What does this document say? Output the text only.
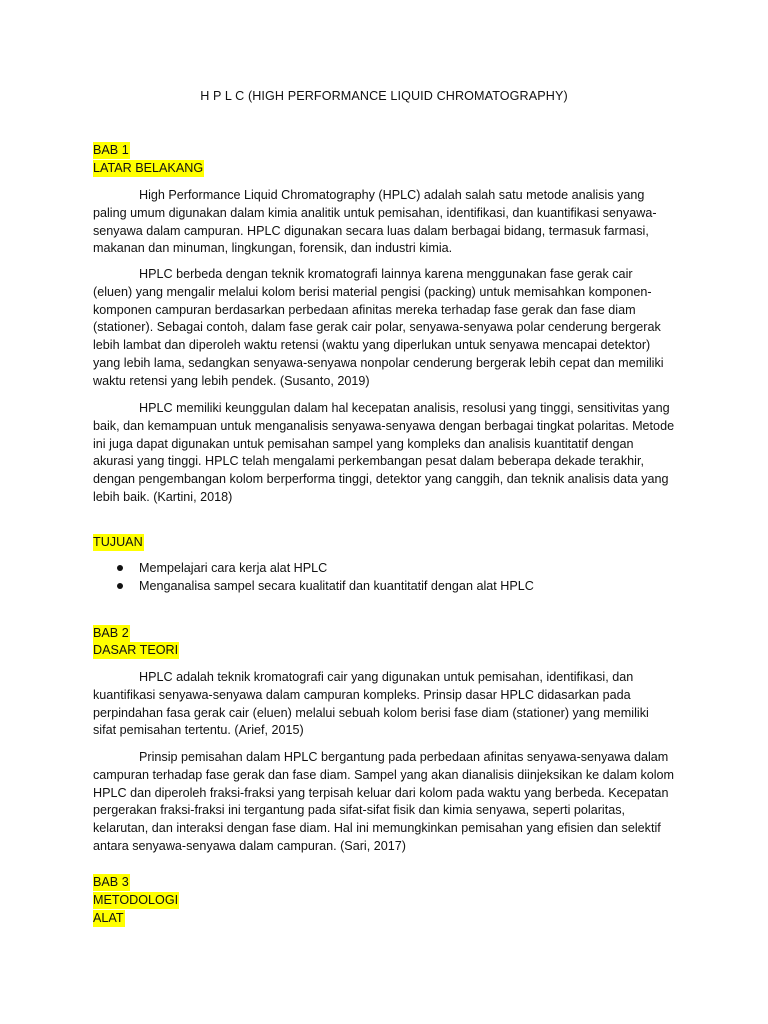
H P L C (HIGH PERFORMANCE LIQUID CHROMATOGRAPHY)
BAB 1
LATAR BELAKANG

High Performance Liquid Chromatography (HPLC) adalah salah satu metode analisis yang paling umum digunakan dalam kimia analitik untuk pemisahan, identifikasi, dan kuantifikasi senyawa-senyawa dalam campuran. HPLC digunakan secara luas dalam berbagai bidang, termasuk farmasi, makanan dan minuman, lingkungan, forensik, dan industri kimia.

HPLC berbeda dengan teknik kromatografi lainnya karena menggunakan fase gerak cair (eluen) yang mengalir melalui kolom berisi material pengisi (packing) untuk memisahkan komponen-komponen campuran berdasarkan perbedaan afinitas mereka terhadap fase gerak dan fase diam (stationer). Sebagai contoh, dalam fase gerak cair polar, senyawa-senyawa polar cenderung bergerak lebih lambat dan diperoleh waktu retensi (waktu yang diperlukan untuk senyawa mencapai detektor) yang lebih lama, sedangkan senyawa-senyawa nonpolar cenderung bergerak lebih cepat dan memiliki waktu retensi yang lebih pendek. (Susanto, 2019)

HPLC memiliki keunggulan dalam hal kecepatan analisis, resolusi yang tinggi, sensitivitas yang baik, dan kemampuan untuk menganalisis senyawa-senyawa dengan berbagai tingkat polaritas. Metode ini juga dapat digunakan untuk pemisahan sampel yang kompleks dan analisis kuantitatif dengan akurasi yang tinggi. HPLC telah mengalami perkembangan pesat dalam beberapa dekade terakhir, dengan pengembangan kolom berperforma tinggi, detektor yang canggih, dan teknik analisis data yang lebih baik. (Kartini, 2018)

TUJUAN
Mempelajari cara kerja alat HPLC
Menganalisa sampel secara kualitatif dan kuantitatif dengan alat HPLC
BAB 2
DASAR TEORI

HPLC adalah teknik kromatografi cair yang digunakan untuk pemisahan, identifikasi, dan kuantifikasi senyawa-senyawa dalam campuran kompleks. Prinsip dasar HPLC didasarkan pada perpindahan fasa gerak cair (eluen) melalui sebuah kolom berisi fase diam (stationer) yang memiliki sifat pemisahan tertentu. (Arief, 2015)

Prinsip pemisahan dalam HPLC bergantung pada perbedaan afinitas senyawa-senyawa dalam campuran terhadap fase gerak dan fase diam. Sampel yang akan dianalisis diinjeksikan ke dalam kolom HPLC dan diperoleh fraksi-fraksi yang terpisah keluar dari kolom pada waktu yang berbeda. Kecepatan pergerakan fraksi-fraksi ini tergantung pada sifat-sifat fisik dan kimia senyawa, seperti polaritas, kelarutan, dan interaksi dengan fase diam. Hal ini memungkinkan pemisahan yang efisien dan selektif antara senyawa-senyawa dalam campuran. (Sari, 2017)

BAB 3
METODOLOGI
ALAT
